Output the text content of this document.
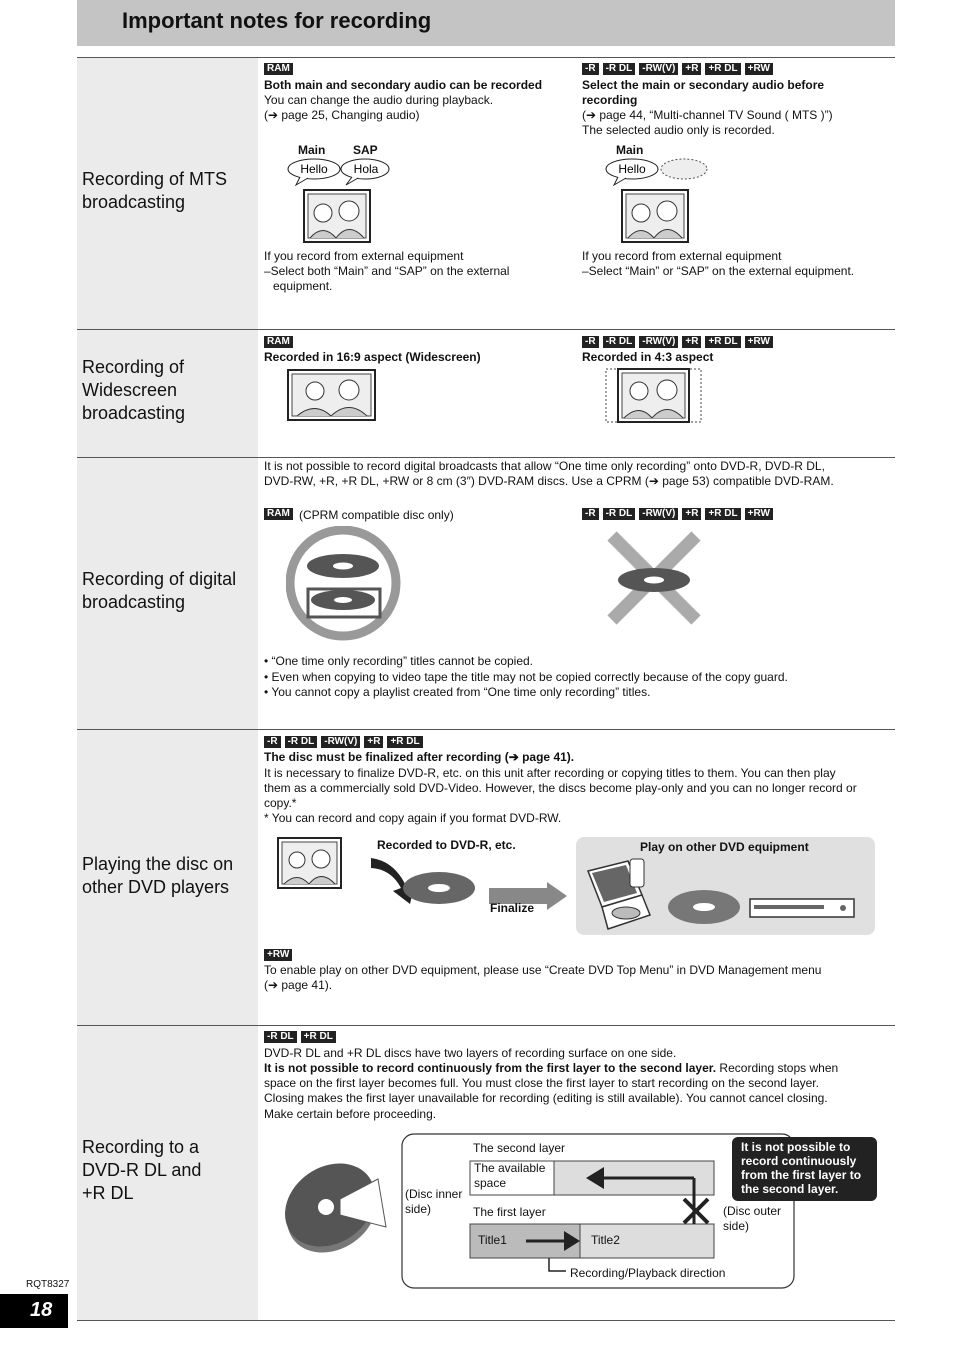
Important notes for recording
Recording of MTS broadcasting
Recording of Widescreen broadcasting
Recording of digital broadcasting
Playing the disc on other DVD players
Recording to a DVD-R DL and +R DL
RAM
Both main and secondary audio can be recorded
You can change the audio during playback.
(➔ page 25, Changing audio)
Main SAP
Hello Hola
If you record from external equipment
–Select both “Main” and “SAP” on the external
equipment.
-R	-R DL	-RW(V)	+R	+R DL	+RW
Select the main or secondary audio before
recording
(➔ page 44, “Multi-channel TV Sound ( MTS )”)
The selected audio only is recorded.
Main
Hello
If you record from external equipment
–Select “Main” or “SAP” on the external equipment.
RAM
Recorded in 16:9 aspect (Widescreen)
-R	-R DL	-RW(V)	+R	+R DL	+RW
Recorded in 4:3 aspect
It is not possible to record digital broadcasts that allow “One time only recording” onto DVD-R, DVD-R DL,
DVD-RW, +R, +R DL, +RW or 8 cm (3″) DVD-RAM discs. Use a CPRM (➔ page 53) compatible DVD-RAM.
RAM (CPRM compatible disc only)	-R	-R DL	-RW(V)	+R	+R DL	+RW
• “One time only recording” titles cannot be copied.
• Even when copying to video tape the title may not be copied correctly because of the copy guard.
• You cannot copy a playlist created from “One time only recording” titles.
-R	-R DL	-RW(V)	+R	+R DL
The disc must be finalized after recording (➔ page 41).
It is necessary to finalize DVD-R, etc. on this unit after recording or copying titles to them. You can then play
them as a commercially sold DVD-Video. However, the discs become play-only and you can no longer record or
copy.*
* You can record and copy again if you format DVD-RW.
Recorded to DVD-R, etc.
Finalize
Play on other DVD equipment
+RW
To enable play on other DVD equipment, please use “Create DVD Top Menu” in DVD Management menu
(➔ page 41).
-R DL	+R DL
DVD-R DL and +R DL discs have two layers of recording surface on one side.
It is not possible to record continuously from the first layer to the second layer. Recording stops when
space on the first layer becomes full. You must close the first layer to start recording on the second layer.
Closing makes the first layer unavailable for recording (editing is still available). You cannot cancel closing.
Make certain before proceeding.
The second layer
The available
space
(Disc inner
side)	The first layer	(Disc outer
side)
Title1	Title2
Recording/Playback direction
It is not possible to
record continuously
from the first layer to
the second layer.
RQT8327
18
